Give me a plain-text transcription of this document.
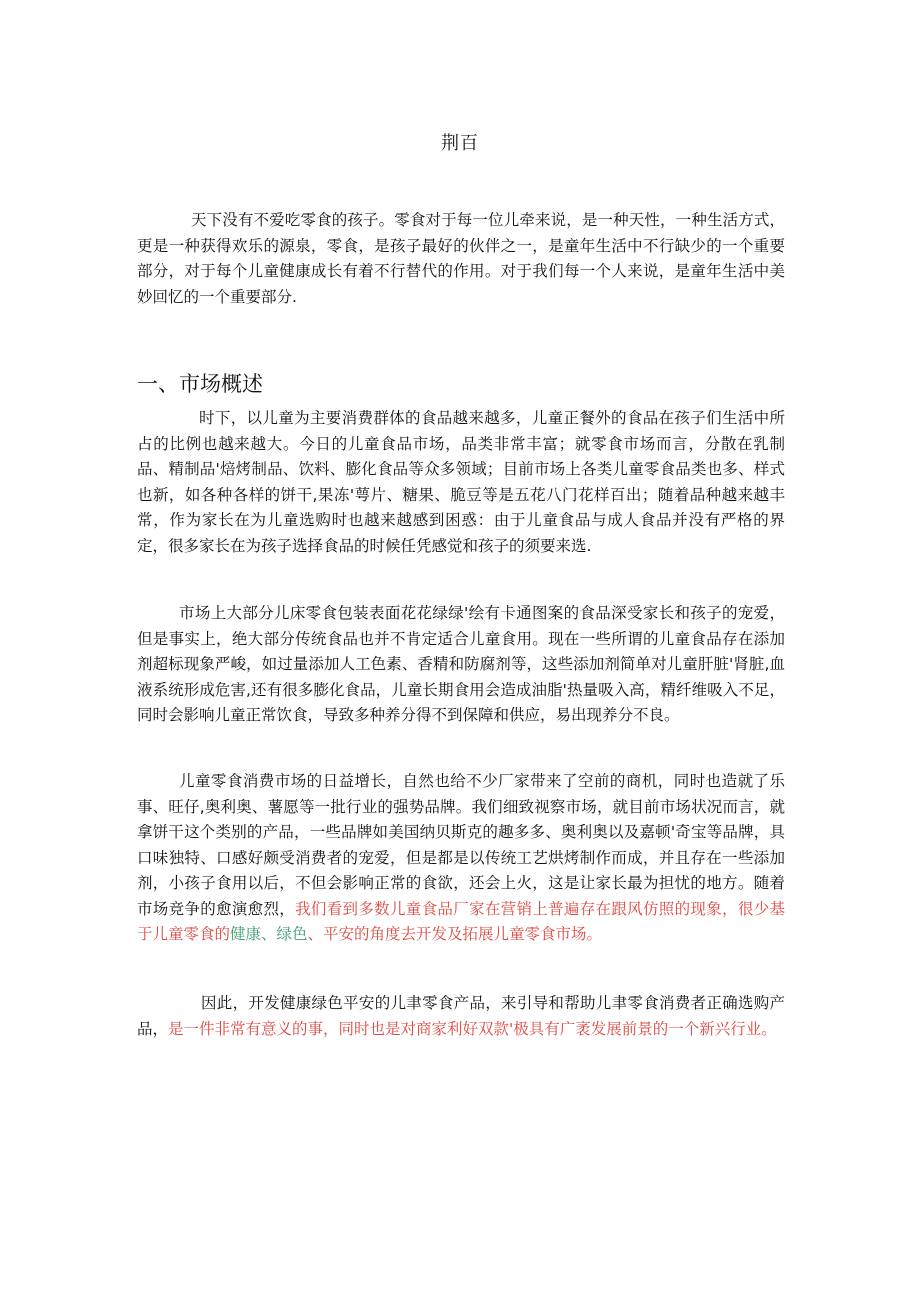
荆百

天下没有不爱吃零食的孩子。零食对于每一位儿牵来说，是一种天性，一种生活方式，更是一种获得欢乐的源泉，零食，是孩子最好的伙伴之一，是童年生活中不行缺少的一个重要部分，对于每个儿童健康成长有着不行替代的作用。对于我们每一个人来说，是童年生活中美妙回忆的一个重要部分.

一、市场概述

时下，以儿童为主要消费群体的食品越来越多，儿童正餐外的食品在孩子们生活中所占的比例也越来越大。今日的儿童食品市场，品类非常丰富；就零食市场而言，分散在乳制品、精制品'焙烤制品、饮料、膨化食品等众多领域；目前市场上各类儿童零食品类也多、样式也新，如各种各样的饼干,果冻'萼片、糖果、脆豆等是五花八门花样百出；随着品种越来越丰常，作为家长在为儿童选购时也越来越感到困惑：由于儿童食品与成人食品并没有严格的界定，很多家长在为孩子选择食品的时候任凭感觉和孩子的须要来选.

市场上大部分儿床零食包装表面花花绿绿'绘有卡通图案的食品深受家长和孩子的宠爱，但是事实上，绝大部分传统食品也并不肯定适合儿童食用。现在一些所谓的儿童食品存在添加剂超标现象严峻，如过量添加人工色素、香精和防腐剂等，这些添加剂简单对儿童肝脏'肾脏,血液系统形成危害,还有很多膨化食品，儿童长期食用会造成油脂'热量吸入高，精纤维吸入不足，同时会影响儿童正常饮食，导致多种养分得不到保障和供应，易出现养分不良。

儿童零食消费市场的日益增长，自然也给不少厂家带来了空前的商机，同时也造就了乐事、旺仔,奥利奥、薯愿等一批行业的强势品牌。我们细致视察市场，就目前市场状况而言，就拿饼干这个类别的产品，一些品牌如美国纳贝斯克的趣多多、奥利奥以及嘉顿'奇宝等品牌，具口味独特、口感好颇受消费者的宠爱，但是都是以传统工艺烘烤制作而成，并且存在一些添加剂，小孩子食用以后，不但会影响正常的食欲，还会上火，这是让家长最为担忧的地方。随着市场竞争的愈演愈烈，我们看到多数儿童食品厂家在营销上普遍存在跟风仿照的现象，很少基于儿童零食的健康、绿色、平安的角度去开发及拓展儿童零食市场。

因此，开发健康绿色平安的儿聿零食产品，来引导和帮助儿聿零食消费者正确选购产品，是一件非常有意义的事，同时也是对商家利好双款'极具有广袤发展前景的一个新兴行业。
